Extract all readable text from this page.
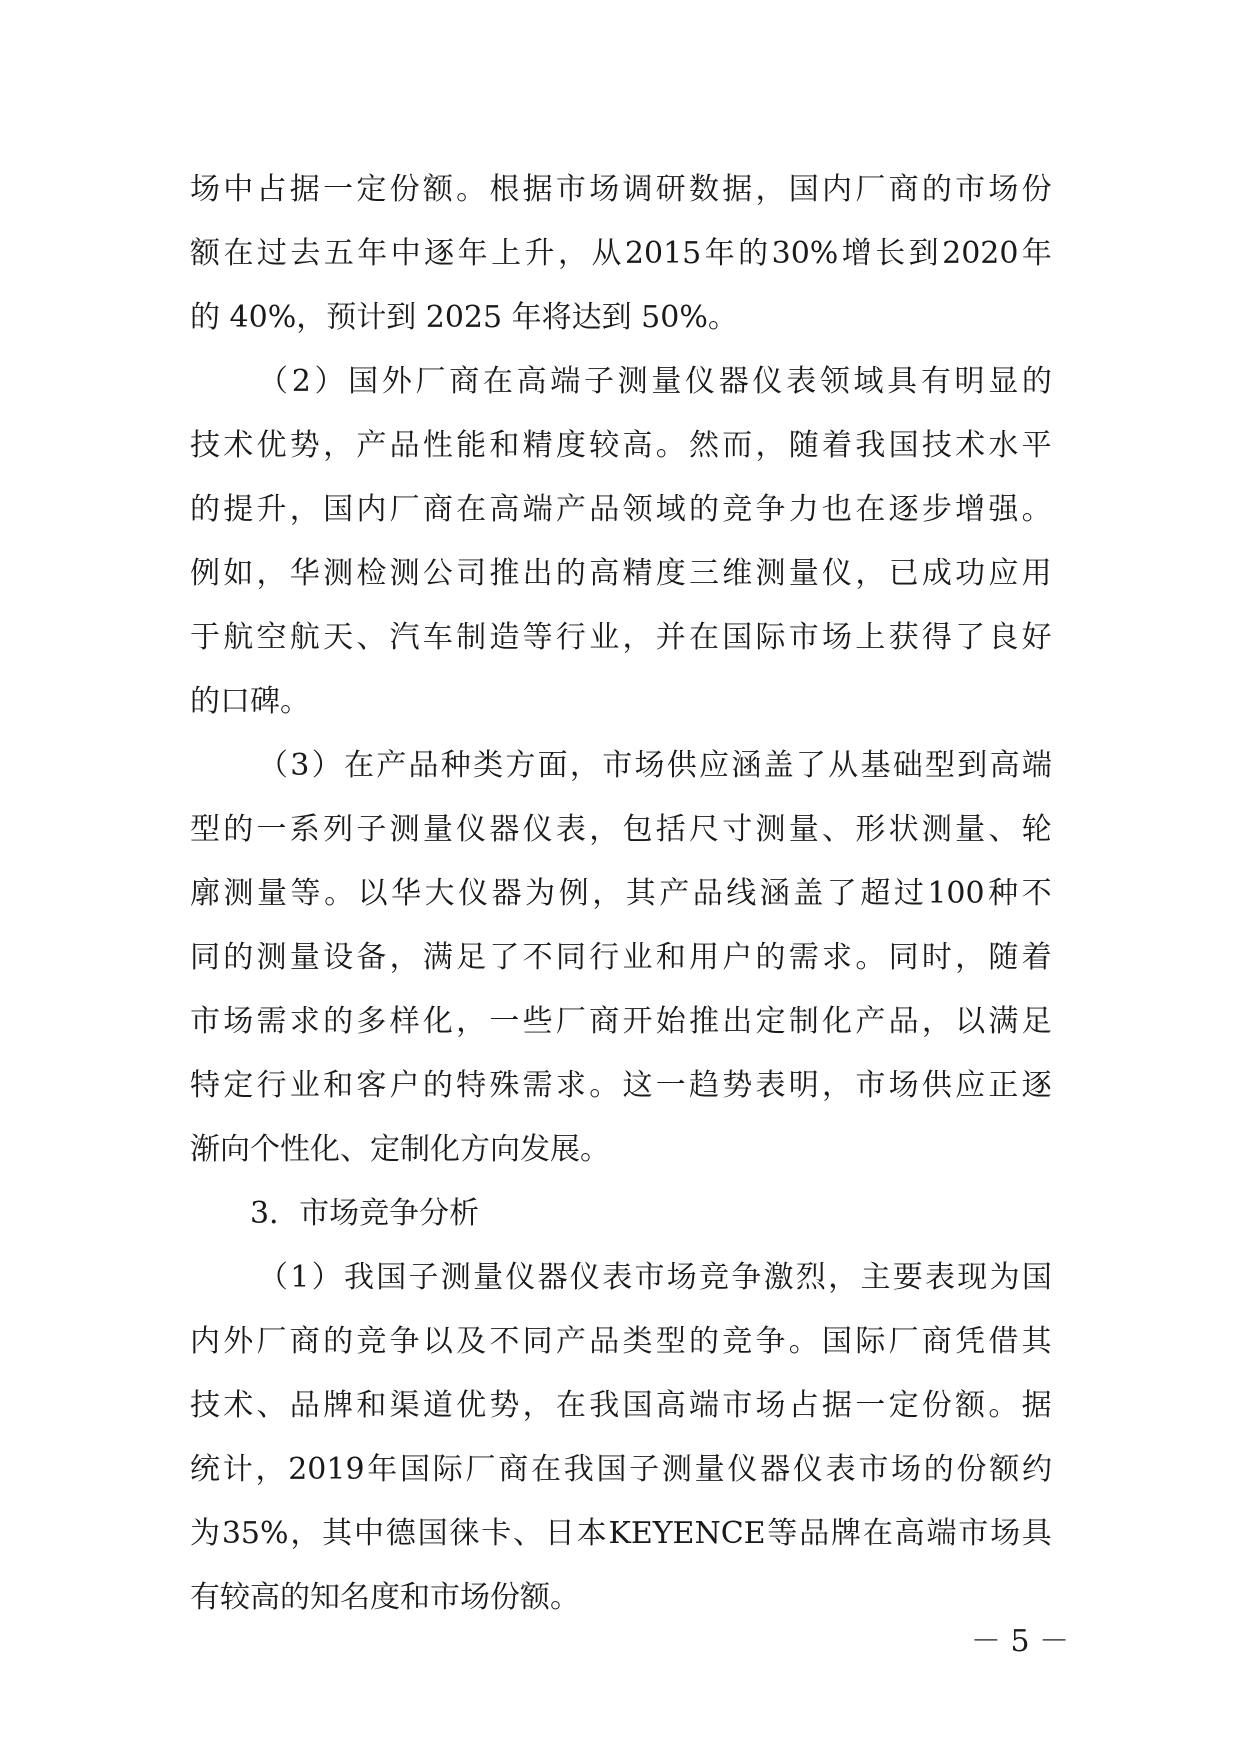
场 中 占 据 一 定 份 额 。 根 据 市 场 调 研 数 据 ， 国 内 厂 商 的 市 场 份
额 在 过 去 五 年 中 逐 年 上 升 ， 从 2015 年 的 30% 增 长 到 2020 年
的 40%，预计到 2025 年将达到 50%。
（ 2 ） 国 外 厂 商 在 高 端 子 测 量 仪 器 仪 表 领 域 具 有 明 显 的
技 术 优 势 ， 产 品 性 能 和 精 度 较 高 。 然 而 ， 随 着 我 国 技 术 水 平
的 提 升 ， 国 内 厂 商 在 高 端 产 品 领 域 的 竞 争 力 也 在 逐 步 增 强 。
例 如 ， 华 测 检 测 公 司 推 出 的 高 精 度 三 维 测 量 仪 ， 已 成 功 应 用
于 航 空 航 天 、 汽 车 制 造 等 行 业 ， 并 在 国 际 市 场 上 获 得 了 良 好
的口碑。
（ 3 ） 在 产 品 种 类 方 面 ， 市 场 供 应 涵 盖 了 从 基 础 型 到 高 端
型 的 一 系 列 子 测 量 仪 器 仪 表 ， 包 括 尺 寸 测 量 、 形 状 测 量 、 轮
廓 测 量 等 。 以 华 大 仪 器 为 例 ， 其 产 品 线 涵 盖 了 超 过 100 种 不
同 的 测 量 设 备 ， 满 足 了 不 同 行 业 和 用 户 的 需 求 。 同 时 ， 随 着
市 场 需 求 的 多 样 化 ， 一 些 厂 商 开 始 推 出 定 制 化 产 品 ， 以 满 足
特 定 行 业 和 客 户 的 特 殊 需 求 。 这 一 趋 势 表 明 ， 市 场 供 应 正 逐
渐向个性化、定制化方向发展。
3．市场竞争分析
（ 1 ） 我 国 子 测 量 仪 器 仪 表 市 场 竞 争 激 烈 ， 主 要 表 现 为 国
内 外 厂 商 的 竞 争 以 及 不 同 产 品 类 型 的 竞 争 。 国 际 厂 商 凭 借 其
技 术 、 品 牌 和 渠 道 优 势 ， 在 我 国 高 端 市 场 占 据 一 定 份 额 。 据
统 计 ， 2019 年 国 际 厂 商 在 我 国 子 测 量 仪 器 仪 表 市 场 的 份 额 约
为 35% ， 其 中 德 国 徕 卡 、 日 本 KEYENCE 等 品 牌 在 高 端 市 场 具
有较高的知名度和市场份额。
－ 5 －
